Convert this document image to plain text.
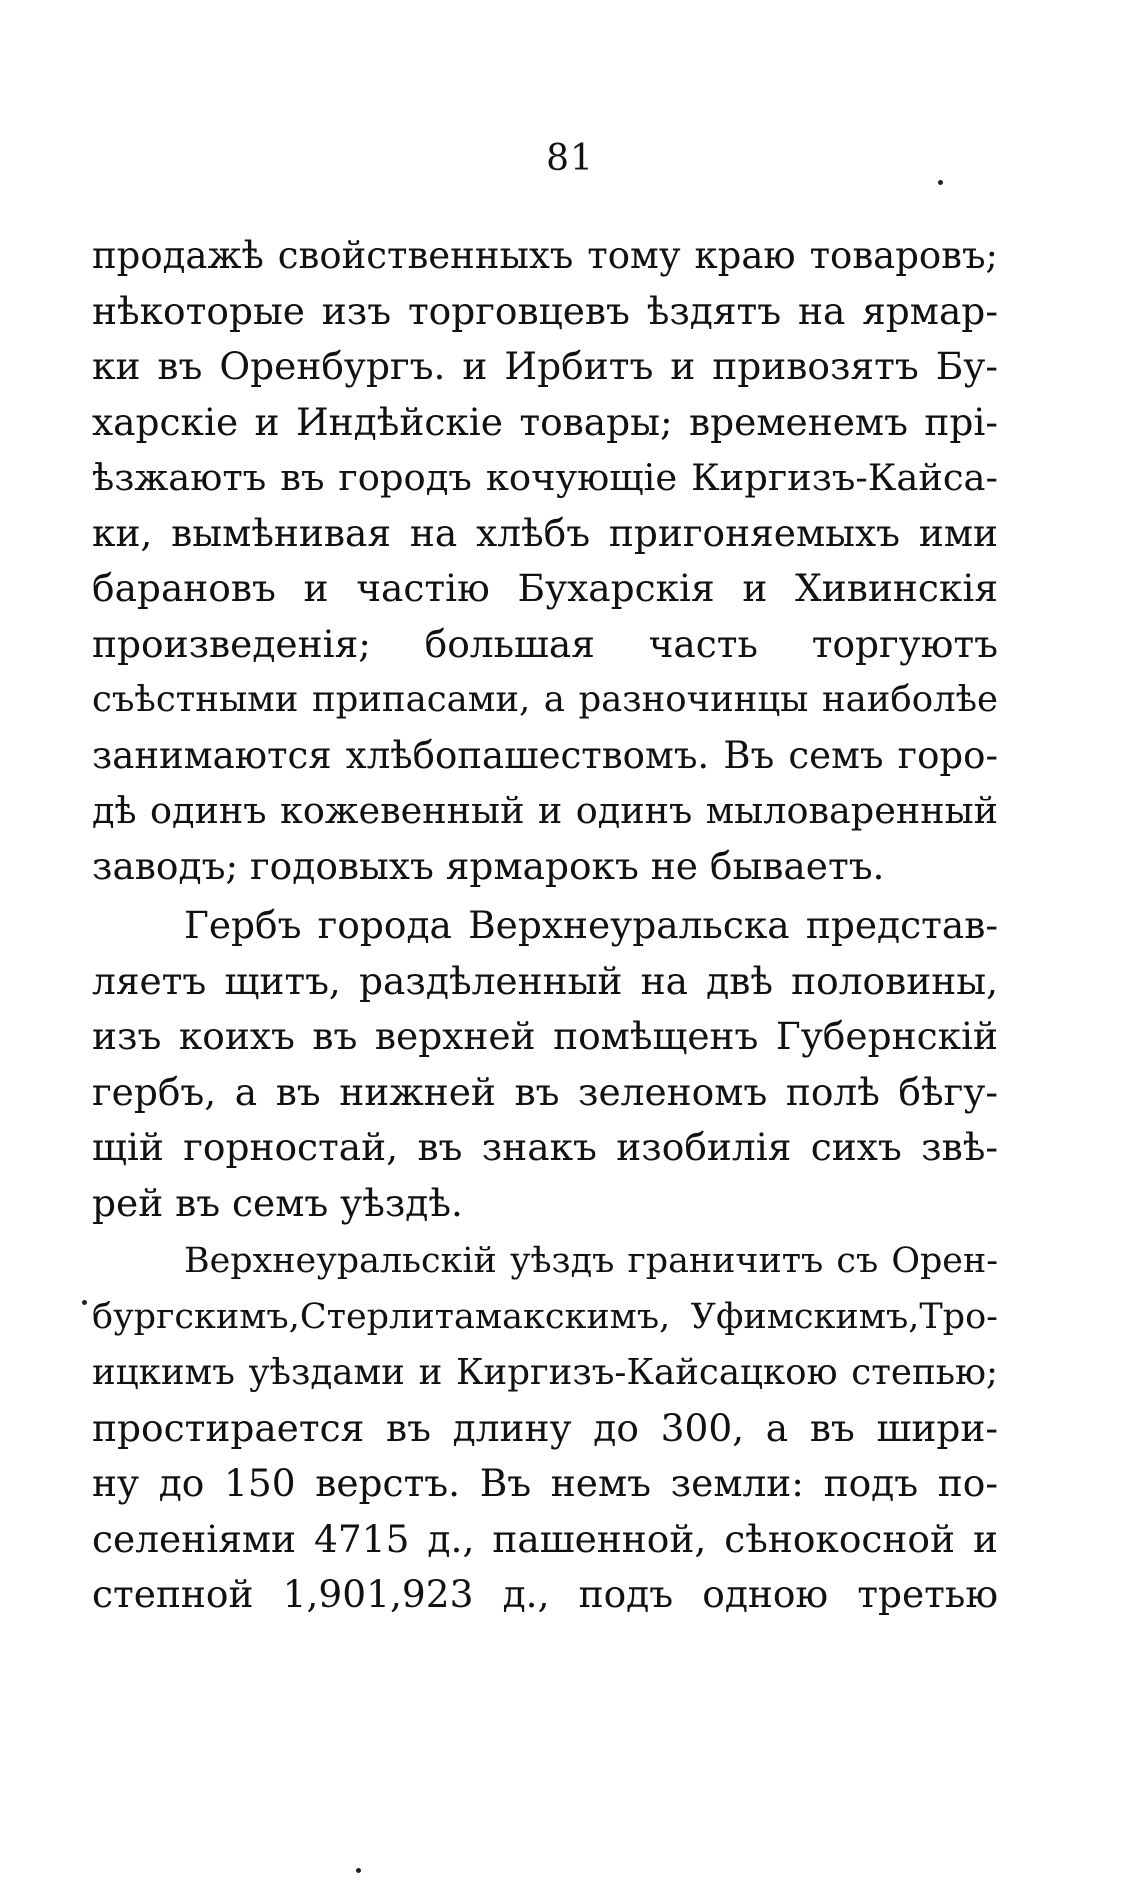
81
продажѣ свойственныхъ тому краю товаровъ;
нѣкоторые изъ торговцевъ ѣздятъ на ярмар-
ки въ Оренбургъ. и Ирбитъ и привозятъ Бу-
харскіе и Индѣйскіе товары; временемъ прі-
ѣзжаютъ въ городъ кочующіе Киргизъ-Кайса-
ки, вымѣнивая на хлѣбъ пригоняемыхъ ими
барановъ и частію Бухарскія и Хивинскія
произведенія; большая часть торгуютъ
съѣстными припасами, а разночинцы наиболѣе
занимаются хлѣбопашествомъ. Въ семъ горо-
дѣ одинъ кожевенный и одинъ мыловаренный
заводъ; годовыхъ ярмарокъ не бываетъ.
Гербъ города Верхнеуральска представ-
ляетъ щитъ, раздѣленный на двѣ половины,
изъ коихъ въ верхней помѣщенъ Губернскій
гербъ, а въ нижней въ зеленомъ полѣ бѣгу-
щій горностай, въ знакъ изобилія сихъ звѣ-
рей въ семъ уѣздѣ.
Верхнеуральскій уѣздъ граничитъ съ Орен-
бургскимъ,Стерлитамакскимъ, Уфимскимъ,Тро-
ицкимъ уѣздами и Киргизъ-Кайсацкою степью;
простирается въ длину до 300, а въ шири-
ну до 150 верстъ. Въ немъ земли: подъ по-
селеніями 4715 д., пашенной, сѣнокосной и
степной 1,901,923 д., подъ одною третью
